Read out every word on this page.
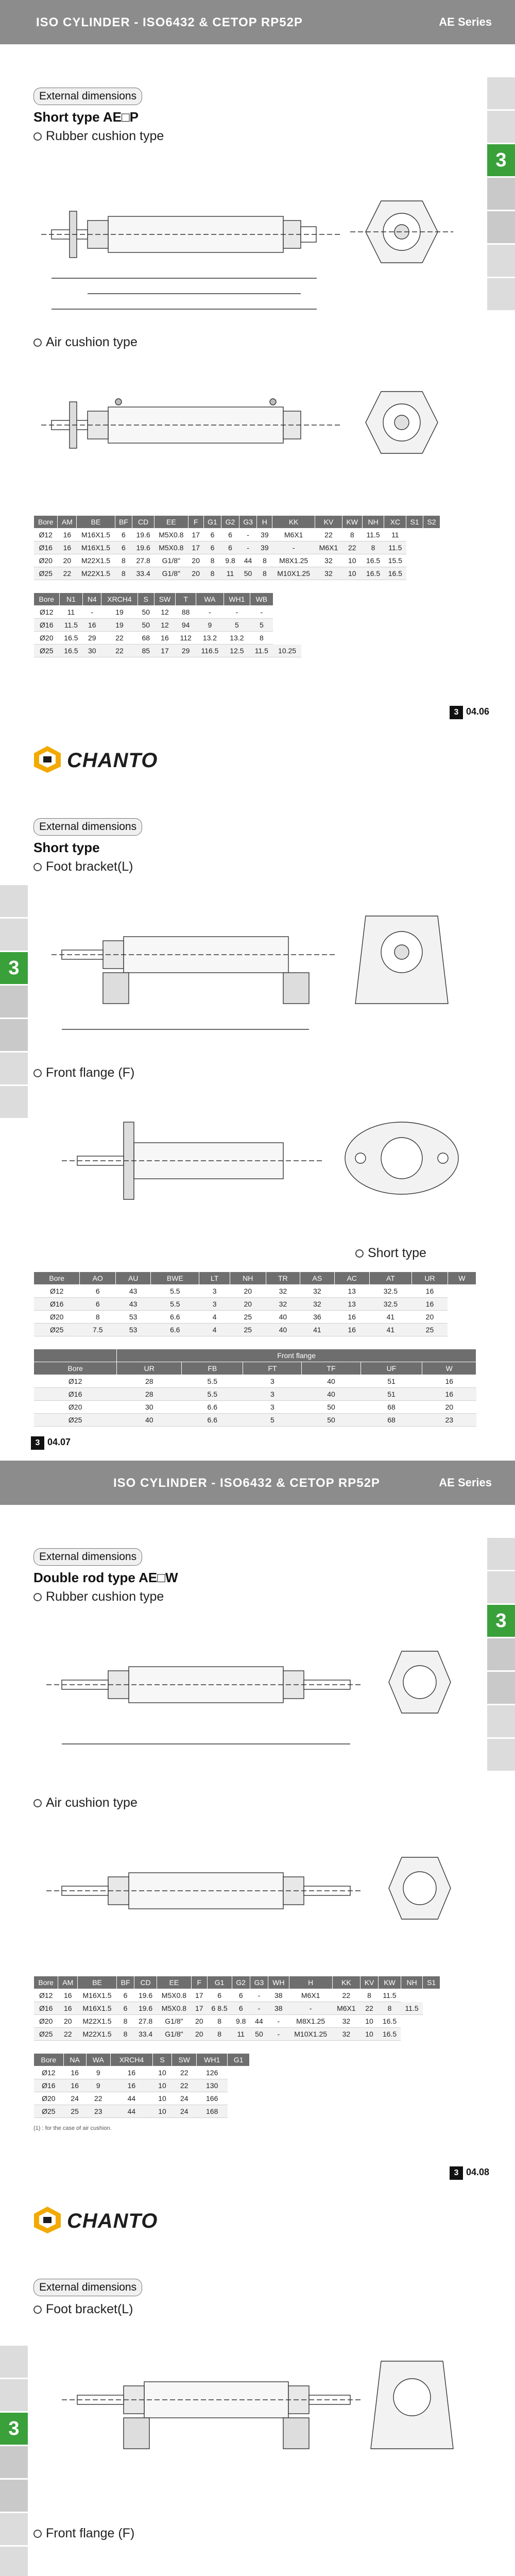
ISO CYLINDER - ISO6432 & CETOP RP52P	AE Series
3
External dimensions
Short type AE□P
Rubber cushion type
Air cushion type
Bore	AM	BE	BF	CD	EE	F	G1	G2	G3	H	KK	KV	KW	NH	XC	S1	S2
Ø12	16	M16X1.5	6	19.6	M5X0.8	17	6	6	-	39	M6X1	22	8	11.5	11		
Ø16	16	M16X1.5	6	19.6	M5X0.8	17	6	6	-	39	-	M6X1	22	8	11.5		
Ø20	20	M22X1.5	8	27.8	G1/8"	20	8	9.8	44	8	M8X1.25	32	10	16.5	15.5		
Ø25	22	M22X1.5	8	33.4	G1/8"	20	8	11	50	8	M10X1.25	32	10	16.5	16.5		
Bore	N1	N4	XRCH4	S	SW	T	WA	WH1	WB	
Ø12	11	-	19	50	12	88	-	-	-	
Ø16	11.5	16	19	50	12	94	9	5	5	
Ø20	16.5	29	22	68	16	112	13.2	13.2	8	
Ø25	16.5	30	22	85	17	29	116.5	12.5	11.5	10.25
3 04.06
CHANTO
3
External dimensions
Short type
Foot bracket(L)
Front flange (F)
Short type
Bore	AO	AU	BWE	LT	NH	TR	AS	AC	AT	UR	W
Ø12	6	43	5.5	3	20	32	32	13	32.5	16	
Ø16	6	43	5.5	3	20	32	32	13	32.5	16	
Ø20	8	53	6.6	4	25	40	36	16	41	20	
Ø25	7.5	53	6.6	4	25	40	41	16	41	25	
	Front flange					
Bore	UR	FB	FT	TF	UF	W
Ø12	28	5.5	3	40	51	16
Ø16	28	5.5	3	40	51	16
Ø20	30	6.6	3	50	68	20
Ø25	40	6.6	5	50	68	23
3 04.07
ISO CYLINDER - ISO6432 & CETOP RP52P	AE Series
3
External dimensions
Double rod type AE□W
Rubber cushion type
Air cushion type
Bore	AM	BE	BF	CD	EE	F	G1	G2	G3	WH	H	KK	KV	KW	NH	S1
Ø12	16	M16X1.5	6	19.6	M5X0.8	17	6	6	-	38	M6X1	22	8	11.5		
Ø16	16	M16X1.5	6	19.6	M5X0.8	17	6 8.5	6	-	38	-	M6X1	22	8	11.5	
Ø20	20	M22X1.5	8	27.8	G1/8"	20	8	9.8	44	-	M8X1.25	32	10	16.5		
Ø25	22	M22X1.5	8	33.4	G1/8"	20	8	11	50	-	M10X1.25	32	10	16.5		
Bore	NA	WA	XRCH4	S	SW	WH1	G1
Ø12	16	9	16	10	22	126	
Ø16	16	9	16	10	22	130	
Ø20	24	22	44	10	24	166	
Ø25	25	23	44	10	24	168	
(1) : for the case of air cushion.
3 04.08
CHANTO
3
External dimensions
Foot bracket(L)
Front flange (F)
